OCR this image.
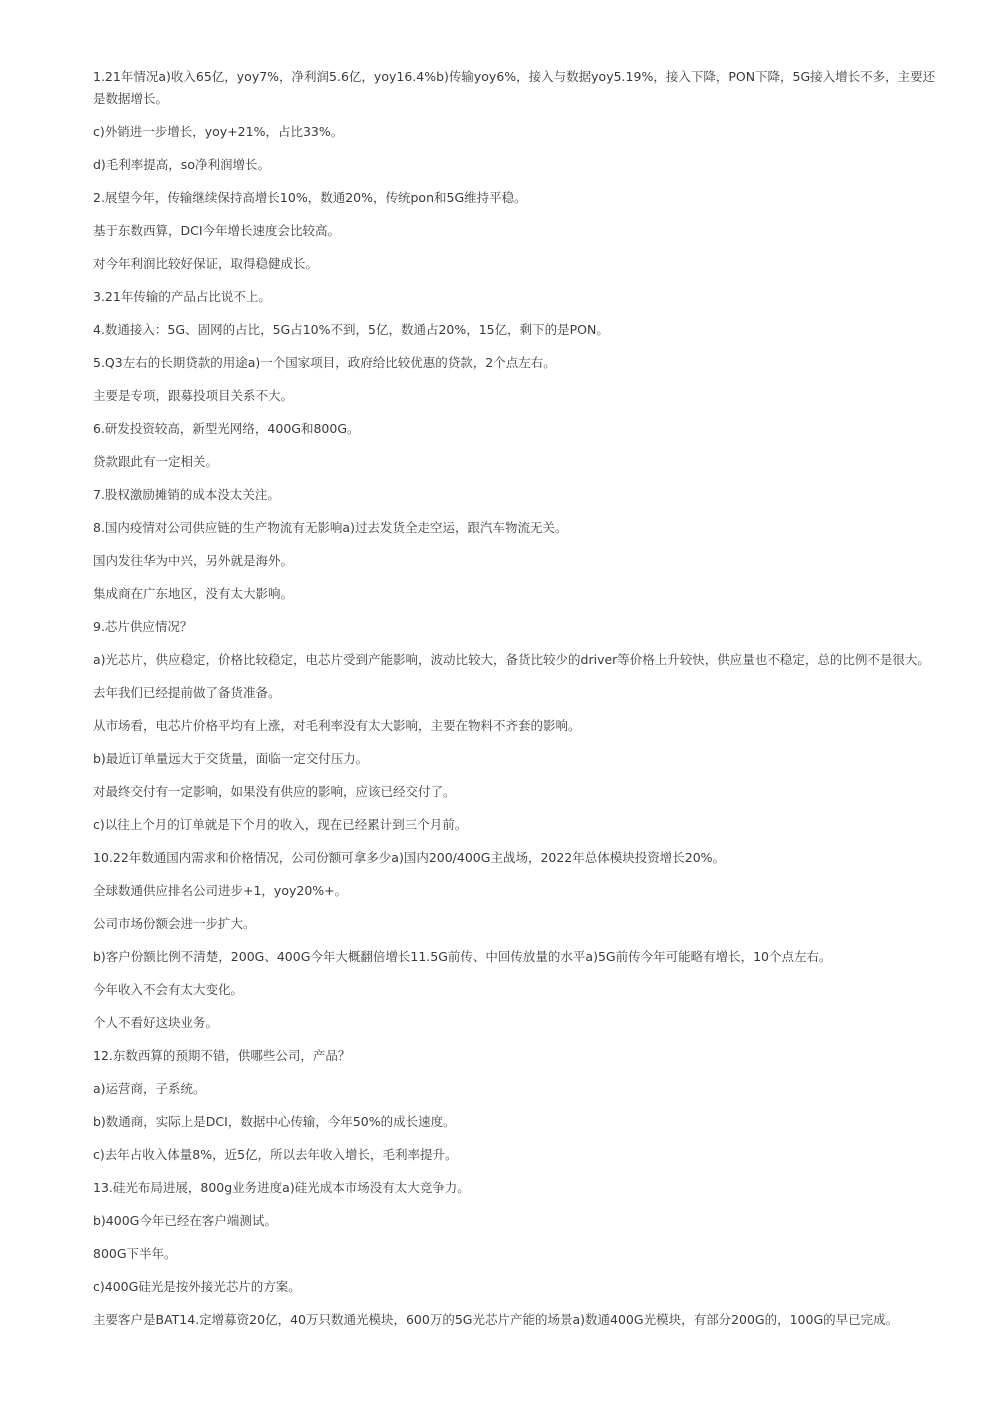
1.21年情况a)收入65亿，yoy7%，净利润5.6亿，yoy16.4%b)传输yoy6%，接入与数据yoy5.19%，接入下降，PON下降，5G接入增长不多，主要还是数据增长。

c)外销进一步增长，yoy+21%，占比33%。

d)毛利率提高，so净利润增长。

2.展望今年，传输继续保持高增长10%，数通20%，传统pon和5G维持平稳。

基于东数西算，DCI今年增长速度会比较高。

对今年利润比较好保证，取得稳健成长。

3.21年传输的产品占比说不上。

4.数通接入：5G、固网的占比，5G占10%不到，5亿，数通占20%，15亿，剩下的是PON。

5.Q3左右的长期贷款的用途a)一个国家项目，政府给比较优惠的贷款，2个点左右。

主要是专项，跟募投项目关系不大。

6.研发投资较高，新型光网络，400G和800G。

贷款跟此有一定相关。

7.股权激励摊销的成本没太关注。

8.国内疫情对公司供应链的生产物流有无影响a)过去发货全走空运，跟汽车物流无关。

国内发往华为中兴，另外就是海外。

集成商在广东地区，没有太大影响。

9.芯片供应情况？

a)光芯片，供应稳定，价格比较稳定，电芯片受到产能影响，波动比较大，备货比较少的driver等价格上升较快，供应量也不稳定，总的比例不是很大。

去年我们已经提前做了备货准备。

从市场看，电芯片价格平均有上涨，对毛利率没有太大影响，主要在物料不齐套的影响。

b)最近订单量远大于交货量，面临一定交付压力。

对最终交付有一定影响，如果没有供应的影响，应该已经交付了。

c)以往上个月的订单就是下个月的收入，现在已经累计到三个月前。

10.22年数通国内需求和价格情况，公司份额可拿多少a)国内200/400G主战场，2022年总体模块投资增长20%。

全球数通供应排名公司进步+1，yoy20%+。

公司市场份额会进一步扩大。

b)客户份额比例不清楚，200G、400G今年大概翻倍增长11.5G前传、中回传放量的水平a)5G前传今年可能略有增长，10个点左右。

今年收入不会有太大变化。

个人不看好这块业务。

12.东数西算的预期不错，供哪些公司，产品？

a)运营商，子系统。

b)数通商，实际上是DCI，数据中心传输，今年50%的成长速度。

c)去年占收入体量8%，近5亿，所以去年收入增长，毛利率提升。

13.硅光布局进展，800g业务进度a)硅光成本市场没有太大竞争力。

b)400G今年已经在客户端测试。

800G下半年。

c)400G硅光是按外接光芯片的方案。

主要客户是BAT14.定增募资20亿，40万只数通光模块，600万的5G光芯片产能的场景a)数通400G光模块，有部分200G的，100G的早已完成。
